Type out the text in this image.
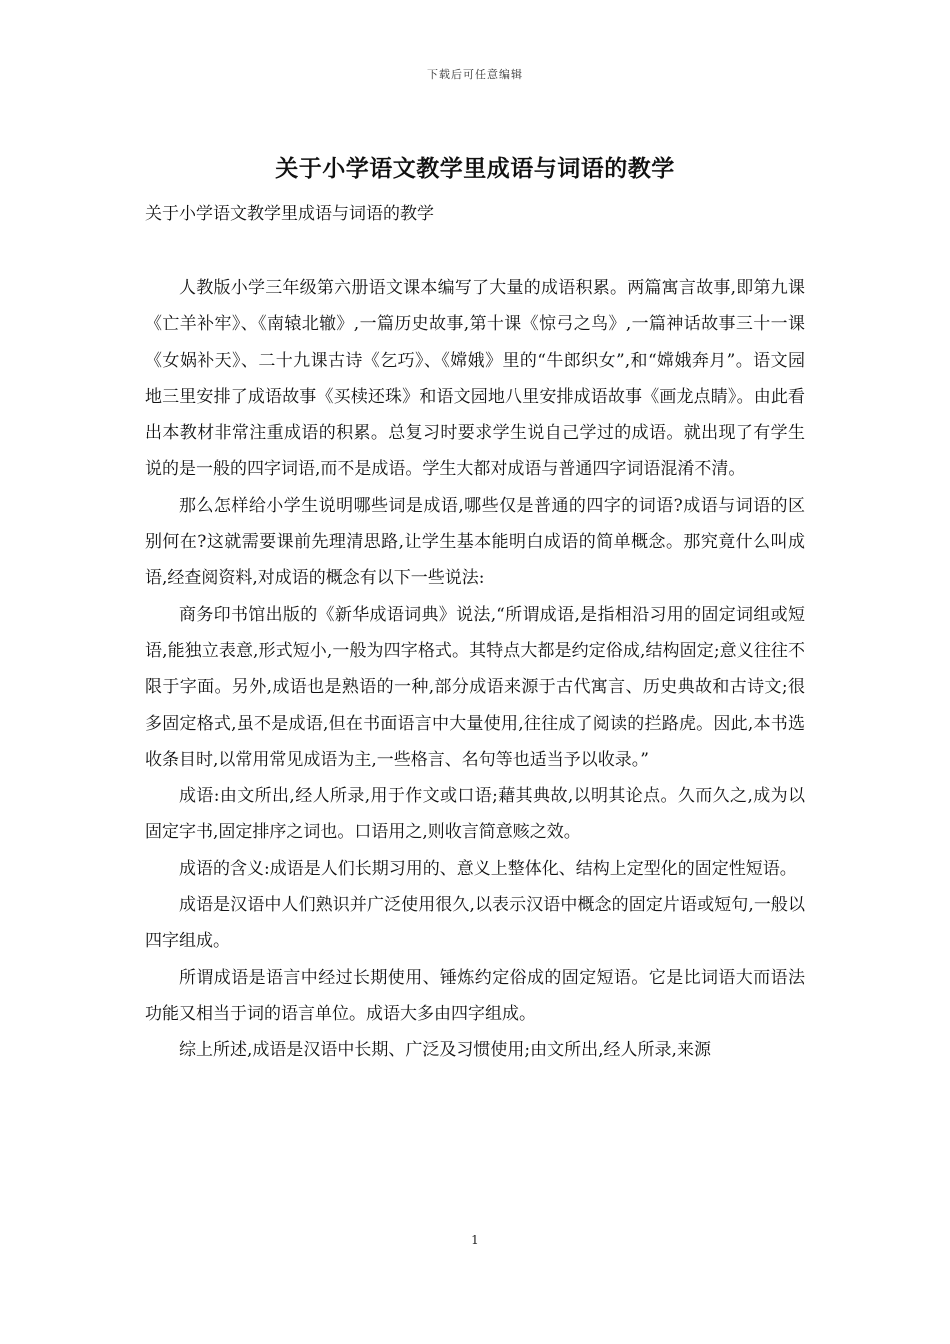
下载后可任意编辑
关于小学语文教学里成语与词语的教学

关于小学语文教学里成语与词语的教学

人教版小学三年级第六册语文课本编写了大量的成语积累。两篇寓言故事,即第九课《亡羊补牢》、《南辕北辙》,一篇历史故事,第十课《惊弓之鸟》,一篇神话故事三十一课《女娲补天》、二十九课古诗《乞巧》、《嫦娥》里的“牛郎织女”,和“嫦娥奔月”。语文园地三里安排了成语故事《买椟还珠》和语文园地八里安排成语故事《画龙点睛》。由此看出本教材非常注重成语的积累。总复习时要求学生说自己学过的成语。就出现了有学生说的是一般的四字词语,而不是成语。学生大都对成语与普通四字词语混淆不清。

那么怎样给小学生说明哪些词是成语,哪些仅是普通的四字的词语?成语与词语的区别何在?这就需要课前先理清思路,让学生基本能明白成语的简单概念。那究竟什么叫成语,经查阅资料,对成语的概念有以下一些说法:

商务印书馆出版的《新华成语词典》说法,“所谓成语,是指相沿习用的固定词组或短语,能独立表意,形式短小,一般为四字格式。其特点大都是约定俗成,结构固定;意义往往不限于字面。另外,成语也是熟语的一种,部分成语来源于古代寓言、历史典故和古诗文;很多固定格式,虽不是成语,但在书面语言中大量使用,往往成了阅读的拦路虎。因此,本书选收条目时,以常用常见成语为主,一些格言、名句等也适当予以收录。”

成语:由文所出,经人所录,用于作文或口语;藉其典故,以明其论点。久而久之,成为以固定字书,固定排序之词也。口语用之,则收言简意赅之效。

成语的含义:成语是人们长期习用的、意义上整体化、结构上定型化的固定性短语。

成语是汉语中人们熟识并广泛使用很久,以表示汉语中概念的固定片语或短句,一般以四字组成。

所谓成语是语言中经过长期使用、锤炼约定俗成的固定短语。它是比词语大而语法功能又相当于词的语言单位。成语大多由四字组成。

综上所述,成语是汉语中长期、广泛及习惯使用;由文所出,经人所录,来源

1
